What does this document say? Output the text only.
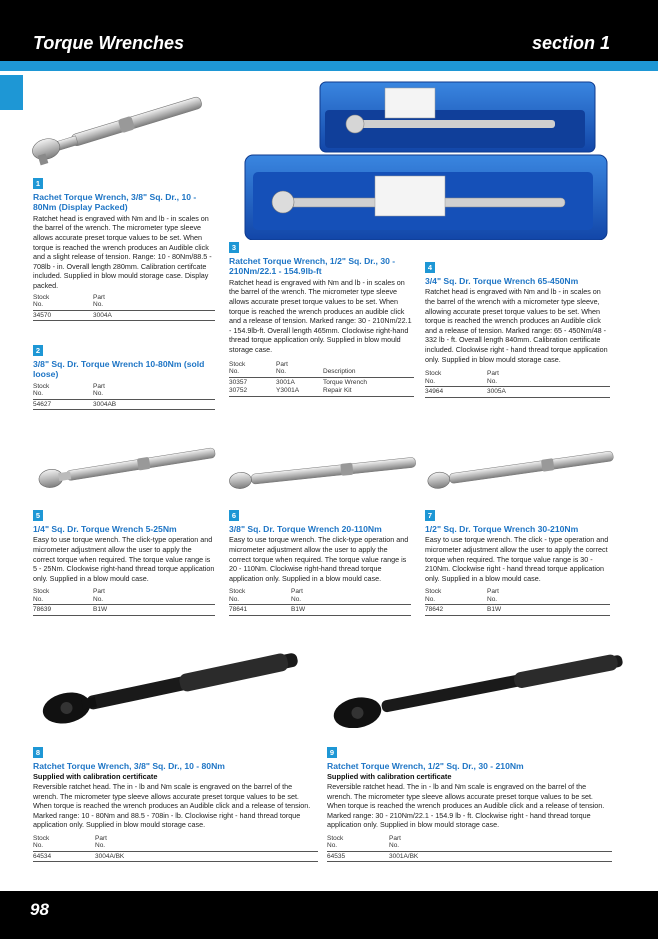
Torque Wrenches	section 1
1
Rachet Torque Wrench, 3/8" Sq. Dr., 10 - 80Nm (Display Packed)
Ratchet head is engraved with Nm and lb - in scales on the barrel of the wrench. The micrometer type sleeve allows accurate preset torque values to be set. When torque is reached the wrench produces an Audible click and a slight release of tension. Range: 10 - 80Nm/88.5 - 708lb - in. Overall length 280mm. Calibration certifcate included. Supplied in blow mould storage case. Display packed.
Stock
No.	Part
No.
34570	3004A
2
3/8" Sq. Dr. Torque Wrench 10-80Nm (sold loose)
Stock
No.	Part
No.
54627	3004AB
3
Ratchet Torque Wrench, 1/2" Sq. Dr., 30 - 210Nm/22.1 - 154.9lb-ft
Ratchet head is engraved with Nm and lb - in scales on the barrel of the wrench. The micrometer type sleeve allows accurate preset torque values to be set. When torque is reached the wrench produces an audible click and a release of tension. Marked range: 30 - 210Nm/22.1 - 154.9lb-ft. Overall length 465mm. Clockwise right-hand thread torque application only. Supplied in blow mould storage case.
Stock
No.	Part
No.	Description
30357	3001A	Torque Wrench
30752	Y3001A	Repair Kit
4
3/4" Sq. Dr. Torque Wrench 65-450Nm
Ratchet head is engraved with Nm and lb - in scales on the barrel of the wrench with a micrometer type sleeve, allowing accurate preset torque values to be set. When torque is reached the wrench produces an Audible click and a release of tension. Marked range: 65 - 450Nm/48 - 332 lb - ft. Overall length 840mm. Calibration certificate included. Clockwise right - hand thread torque application only. Supplied in blow mould storage case.
Stock
No.	Part
No.
34964	3005A
5
1/4" Sq. Dr. Torque Wrench 5-25Nm
Easy to use torque wrench. The click-type operation and micrometer adjustment allow the user to apply the correct torque when required. The torque value range is 5 - 25Nm. Clockwise right-hand thread torque application only. Supplied in a blow mould case.
Stock
No.	Part
No.
78639	B1W
6
3/8" Sq. Dr. Torque Wrench 20-110Nm
Easy to use torque wrench. The click-type operation and micrometer adjustment allow the user to apply the correct torque when required. The torque value range is 20 - 110Nm. Clockwise right-hand thread torque application only. Supplied in a blow mould case.
Stock
No.	Part
No.
78641	B1W
7
1/2" Sq. Dr. Torque Wrench 30-210Nm
Easy to use torque wrench. The click - type operation and micrometer adjustment allow the user to apply the correct torque when required. The torque value range is 30 - 210Nm. Clockwise right - hand thread torque application only. Supplied in a blow mould case.
Stock
No.	Part
No.
78642	B1W
8
Ratchet Torque Wrench, 3/8" Sq. Dr., 10 - 80Nm
Supplied with calibration certificate
Reversible ratchet head. The in - lb and Nm scale is engraved on the barrel of the wrench. The micrometer type sleeve allows accurate preset torque values to be set. When torque is reached the wrench produces an Audible click and a release of tension. Marked range: 10 - 80Nm and 88.5 - 708in - lb. Clockwise right - hand thread torque application only. Supplied in blow mould storage case.
Stock
No.	Part
No.
64534	3004A/BK
9
Ratchet Torque Wrench, 1/2" Sq. Dr., 30 - 210Nm
Supplied with calibration certificate
Reversible ratchet head. The in - lb and Nm scale is engraved on the barrel of the wrench. The micrometer type sleeve allows accurate preset torque values to be set. When torque is reached the wrench produces an Audible click and a release of tension. Marked range: 30 - 210Nm/22.1 - 154.9 lb - ft. Clockwise right - hand thread torque application only. Supplied in blow mould storage case.
Stock
No.	Part
No.
64535	3001A/BK
98
